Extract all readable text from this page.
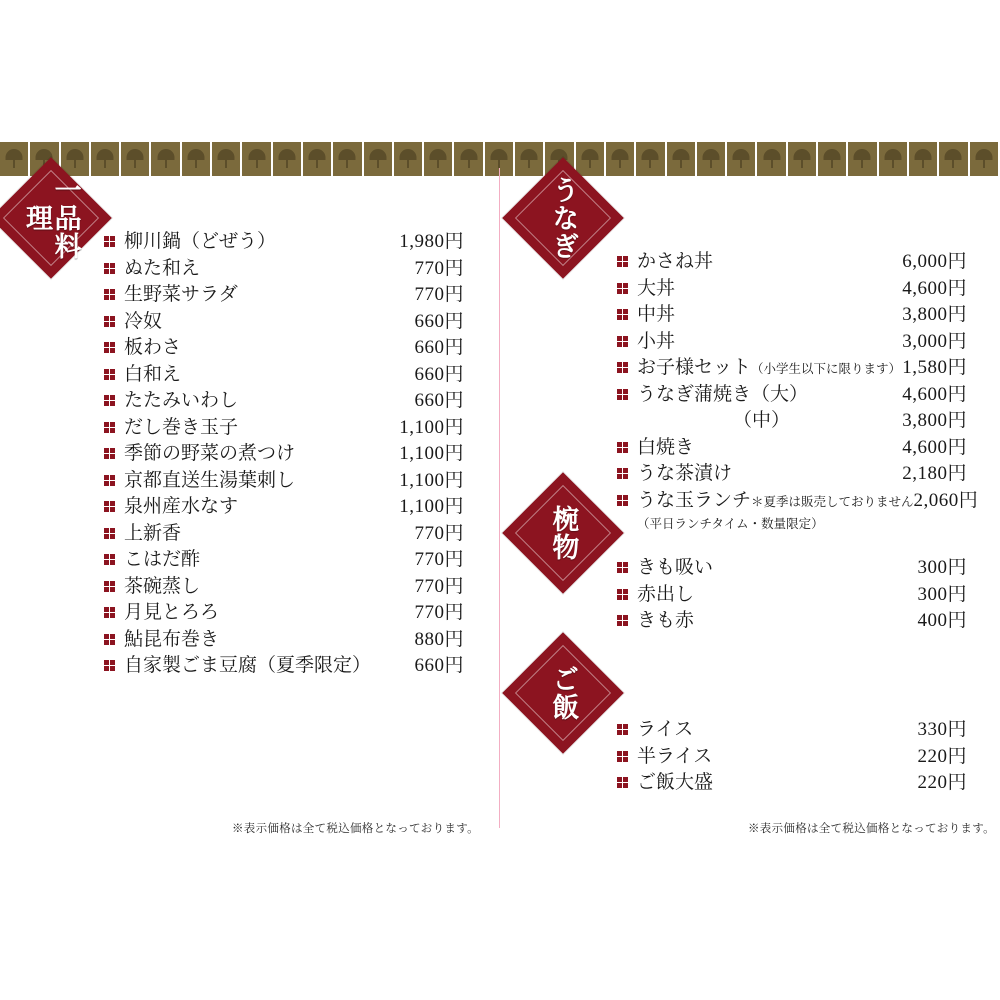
一品料理
柳川鍋（どぜう）	1,980円
ぬた和え	770円
生野菜サラダ	770円
冷奴	660円
板わさ	660円
白和え	660円
たたみいわし	660円
だし巻き玉子	1,100円
季節の野菜の煮つけ	1,100円
京都直送生湯葉刺し	1,100円
泉州産水なす	1,100円
上新香	770円
こはだ酢	770円
茶碗蒸し	770円
月見とろろ	770円
鮎昆布巻き	880円
自家製ごま豆腐（夏季限定）	660円
※表示価格は全て税込価格となっております。
うなぎ
かさね丼	6,000円
大丼	4,600円
中丼	3,800円
小丼	3,000円
お子様セット（小学生以下に限ります） 1,580円
うなぎ蒲焼き（大）	4,600円
（中）	3,800円
白焼き	4,600円
うな茶漬け	2,180円
うな玉ランチ＊夏季は販売しておりません 2,060円
（平日ランチタイム・数量限定）
椀物
きも吸い	300円
赤出し	300円
きも赤	400円
ご飯
ライス	330円
半ライス	220円
ご飯大盛	220円
※表示価格は全て税込価格となっております。
